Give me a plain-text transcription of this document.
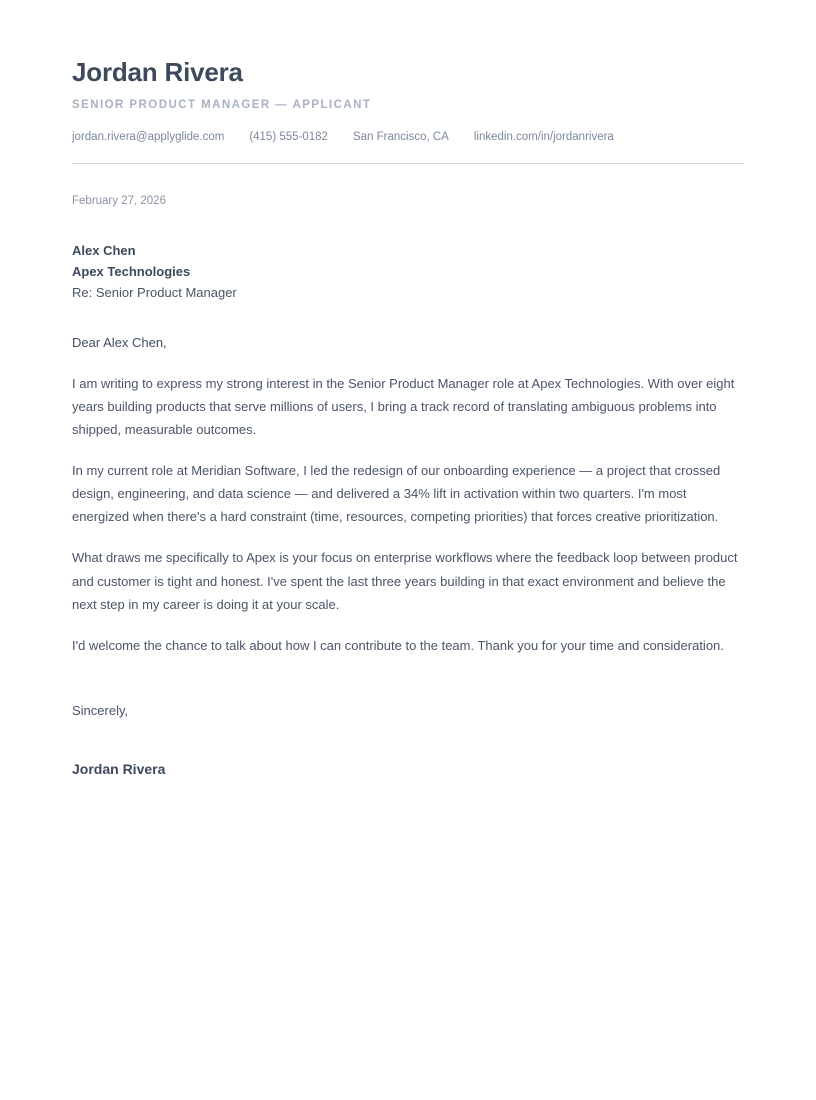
Jordan Rivera
SENIOR PRODUCT MANAGER — APPLICANT
jordan.rivera@applyglide.com (415) 555-0182 San Francisco, CA linkedin.com/in/jordanrivera
February 27, 2026
Alex Chen
Apex Technologies
Re: Senior Product Manager
Dear Alex Chen,

I am writing to express my strong interest in the Senior Product Manager role at Apex Technologies. With over eight years building products that serve millions of users, I bring a track record of translating ambiguous problems into shipped, measurable outcomes.

In my current role at Meridian Software, I led the redesign of our onboarding experience — a project that crossed design, engineering, and data science — and delivered a 34% lift in activation within two quarters. I'm most energized when there's a hard constraint (time, resources, competing priorities) that forces creative prioritization.

What draws me specifically to Apex is your focus on enterprise workflows where the feedback loop between product and customer is tight and honest. I've spent the last three years building in that exact environment and believe the next step in my career is doing it at your scale.

I'd welcome the chance to talk about how I can contribute to the team. Thank you for your time and consideration.

Sincerely,
Jordan Rivera
